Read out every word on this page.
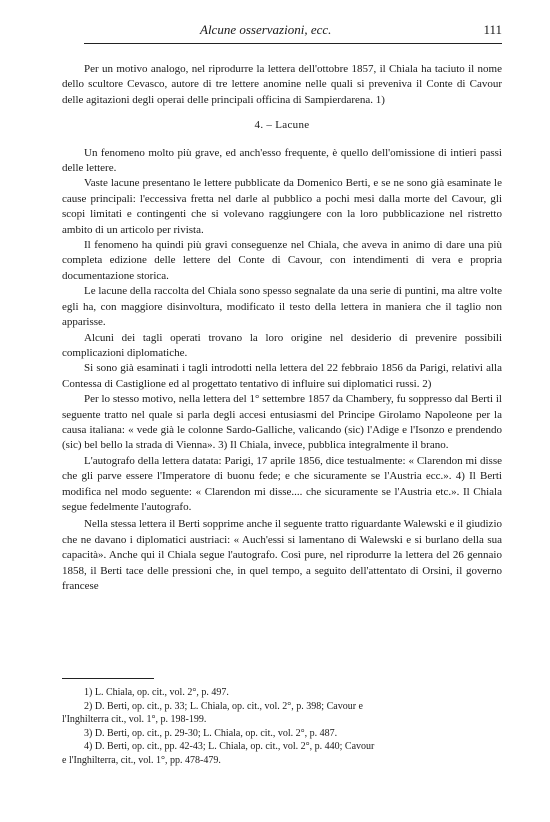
Alcune osservazioni, ecc.	111

Per un motivo analogo, nel riprodurre la lettera dell'ottobre 1857, il Chiala ha taciuto il nome dello scultore Cevasco, autore di tre lettere anomine nelle quali si preveniva il Conte di Cavour delle agitazioni degli operai delle principali officina di Sampierdarena. 1)

4. – Lacune

Un fenomeno molto più grave, ed anch'esso frequente, è quello dell'omissione di intieri passi delle lettere.

Vaste lacune presentano le lettere pubblicate da Domenico Berti, e se ne sono già esaminate le cause principali: l'eccessiva fretta nel darle al pubblico a pochi mesi dalla morte del Cavour, gli scopi limitati e contingenti che si volevano raggiungere con la loro pubblicazione nel ristretto ambito di un articolo per rivista.

Il fenomeno ha quindi più gravi conseguenze nel Chiala, che aveva in animo di dare una più completa edizione delle lettere del Conte di Cavour, con intendimenti di vera e propria documentazione storica.

Le lacune della raccolta del Chiala sono spesso segnalate da una serie di puntini, ma altre volte egli ha, con maggiore disinvoltura, modificato il testo della lettera in maniera che il taglio non apparisse.

Alcuni dei tagli operati trovano la loro origine nel desiderio di prevenire possibili complicazioni diplomatiche.

Si sono già esaminati i tagli introdotti nella lettera del 22 febbraio 1856 da Parigi, relativi alla Contessa di Castiglione ed al progettato tentativo di influire sui diplomatici russi. 2)

Per lo stesso motivo, nella lettera del 1° settembre 1857 da Chambery, fu soppresso dal Berti il seguente tratto nel quale si parla degli accesi entusiasmi del Principe Girolamo Napoleone per la causa italiana: « vede già le colonne Sardo-Galliche, valicando (sic) l'Adige e l'Isonzo e prendendo (sic) bel bello la strada di Vienna». 3) Il Chiala, invece, pubblica integralmente il brano.

L'autografo della lettera datata: Parigi, 17 aprile 1856, dice testualmente: « Clarendon mi disse che gli parve essere l'Imperatore di buonu fede; e che sicuramente se l'Austria ecc.». 4) Il Berti modifica nel modo seguente: « Clarendon mi disse.... che sicuramente se l'Austria etc.». Il Chiala segue fedelmente l'autografo.

Nella stessa lettera il Berti sopprime anche il seguente tratto riguardante Walewski e il giudizio che ne davano i diplomatici austriaci: « Auch'essi si lamentano di Walewski e si burlano della sua capacità». Anche qui il Chiala segue l'autografo. Così pure, nel riprodurre la lettera del 26 gennaio 1858, il Berti tace delle pressioni che, in quel tempo, a seguito dell'attentato di Orsini, il governo francese

1) L. Chiala, op. cit., vol. 2°, p. 497.
2) D. Berti, op. cit., p. 33; L. Chiala, op. cit., vol. 2°, p. 398; Cavour e
l'Inghilterra cit., vol. 1°, p. 198-199.
3) D. Berti, op. cit., p. 29-30; L. Chiala, op. cit., vol. 2°, p. 487.
4) D. Berti, op. cit., pp. 42-43; L. Chiala, op. cit., vol. 2°, p. 440; Cavour
e l'Inghilterra, cit., vol. 1°, pp. 478-479.
